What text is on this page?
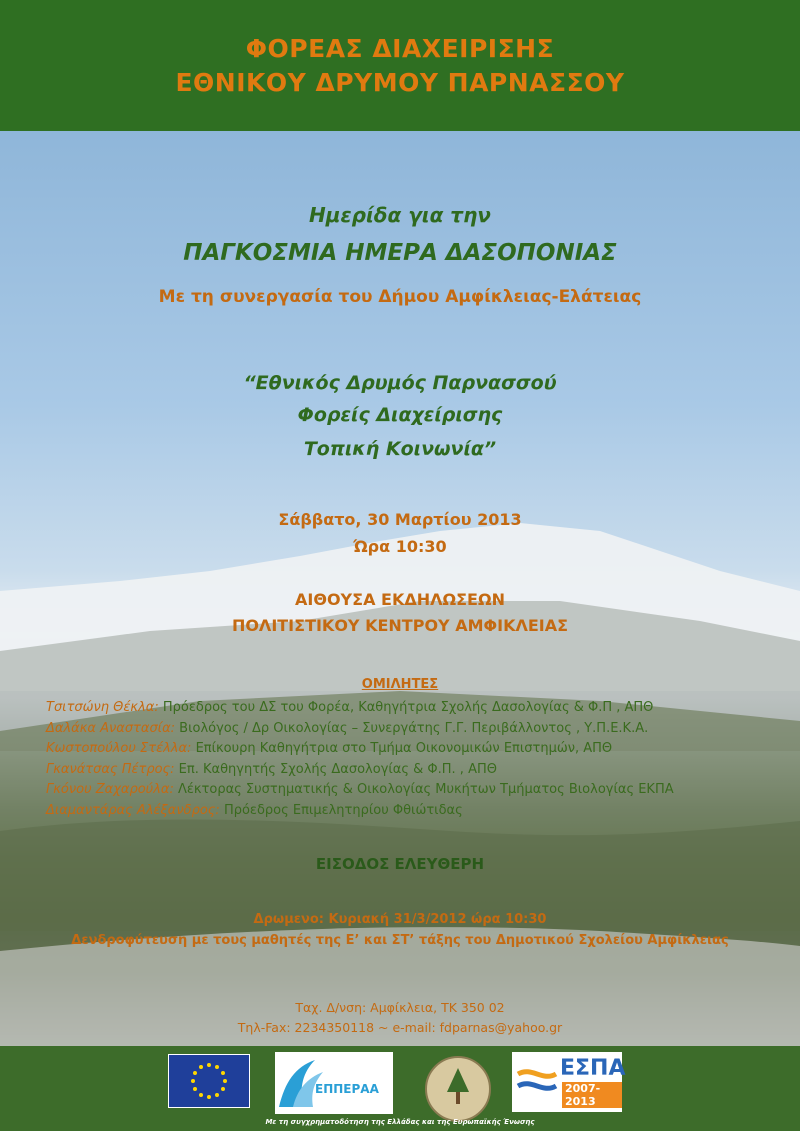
ΦΟΡΕΑΣ ΔΙΑΧΕΙΡΙΣΗΣ
ΕΘΝΙΚΟΥ ΔΡΥΜΟΥ ΠΑΡΝΑΣΣΟΥ
Ημερίδα για την
ΠΑΓΚΟΣΜΙΑ ΗΜΕΡΑ ΔΑΣΟΠΟΝΙΑΣ
Με τη συνεργασία του Δήμου Αμφίκλειας-Ελάτειας
“Εθνικός Δρυμός Παρνασσού
Φορείς Διαχείρισης
Τοπική Κοινωνία”
Σάββατο, 30 Μαρτίου 2013
Ώρα 10:30
ΑΙΘΟΥΣΑ ΕΚΔΗΛΩΣΕΩΝ
ΠΟΛΙΤΙΣΤΙΚΟΥ ΚΕΝΤΡΟΥ ΑΜΦΙΚΛΕΙΑΣ
ΟΜΙΛΗΤΕΣ
Τσιτσώνη Θέκλα: Πρόεδρος του ΔΣ του Φορέα, Καθηγήτρια Σχολής Δασολογίας & Φ.Π , ΑΠΘ
Δαλάκα Αναστασία: Βιολόγος / Δρ Οικολογίας – Συνεργάτης Γ.Γ. Περιβάλλοντος , Υ.Π.Ε.Κ.Α.
Κωστοπούλου Στέλλα: Επίκουρη Καθηγήτρια στο Τμήμα Οικονομικών Επιστημών, ΑΠΘ
Γκανάτσας Πέτρος: Επ. Καθηγητής Σχολής Δασολογίας & Φ.Π. , ΑΠΘ
Γκόνου Ζαχαρούλα: Λέκτορας Συστηματικής & Οικολογίας Μυκήτων Τμήματος Βιολογίας ΕΚΠΑ
Διαμαντάρας Αλέξανδρος: Πρόεδρος Επιμελητηρίου Φθιώτιδας
ΕΙΣΟΔΟΣ ΕΛΕΥΘΕΡΗ
Δρωμενο: Κυριακή 31/3/2012 ώρα 10:30
Δενδροφύτευση με τους μαθητές της Ε’ και ΣΤ’ τάξης του Δημοτικού Σχολείου Αμφίκλειας
Ταχ. Δ/νση: Αμφίκλεια, ΤΚ 350 02
Τηλ-Fax: 2234350118 ~ e-mail: fdparnas@yahoo.gr
ΕΠΠΕΡΑΑ
ΕΣΠΑ
2007-2013
Με τη συγχρηματοδότηση της Ελλάδας και της Ευρωπαϊκής Ένωσης
